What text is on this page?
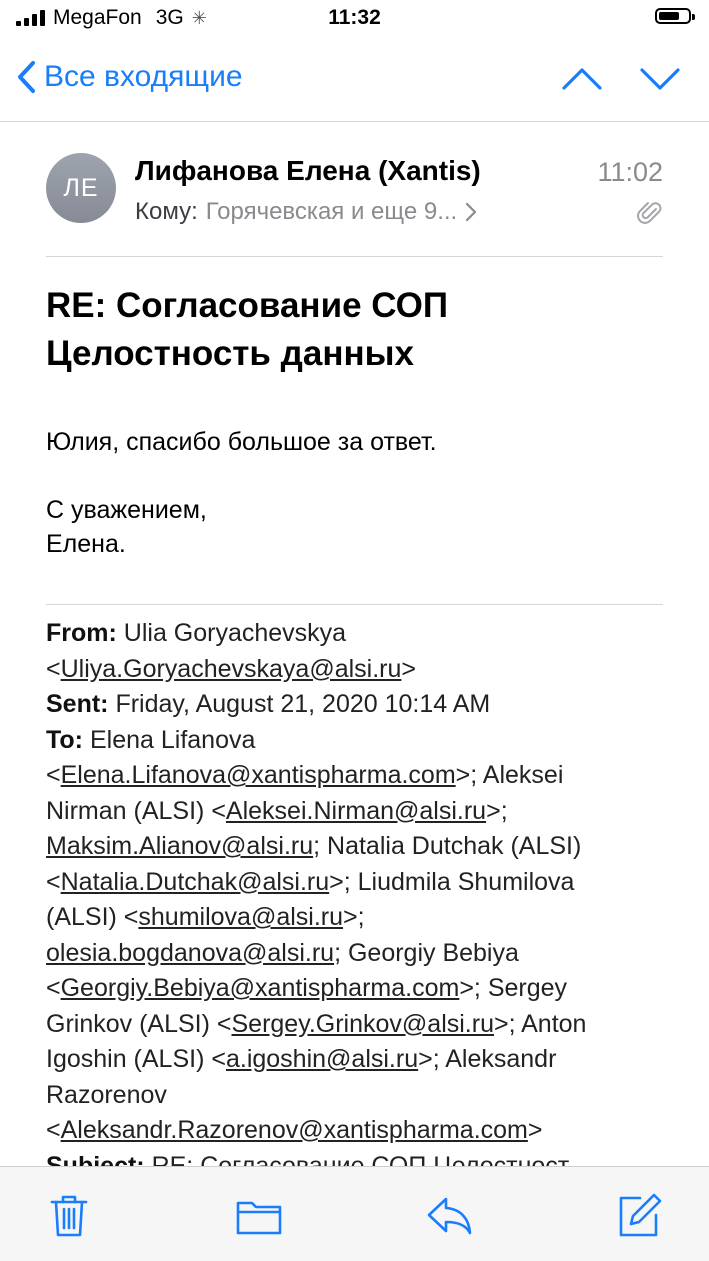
MegaFon 3G ✳	11:32
Все входящие
ЛЕ
Лифанова Елена (Xantis)	11:02
Кому: Горячевская и еще 9...
RE: Согласование СОП Целостность данных

Юлия, спасибо большое за ответ.

С уважением,

Елена.

From: Ulia Goryachevskya
<Uliya.Goryachevskaya@alsi.ru>
Sent: Friday, August 21, 2020 10:14 AM
To: Elena Lifanova
<Elena.Lifanova@xantispharma.com>; Aleksei
Nirman (ALSI) <Aleksei.Nirman@alsi.ru>;
Maksim.Alianov@alsi.ru; Natalia Dutchak (ALSI)
<Natalia.Dutchak@alsi.ru>; Liudmila Shumilova
(ALSI) <shumilova@alsi.ru>;
olesia.bogdanova@alsi.ru; Georgiy Bebiya
<Georgiy.Bebiya@xantispharma.com>; Sergey
Grinkov (ALSI) <Sergey.Grinkov@alsi.ru>; Anton
Igoshin (ALSI) <a.igoshin@alsi.ru>; Aleksandr
Razorenov
<Aleksandr.Razorenov@xantispharma.com>
